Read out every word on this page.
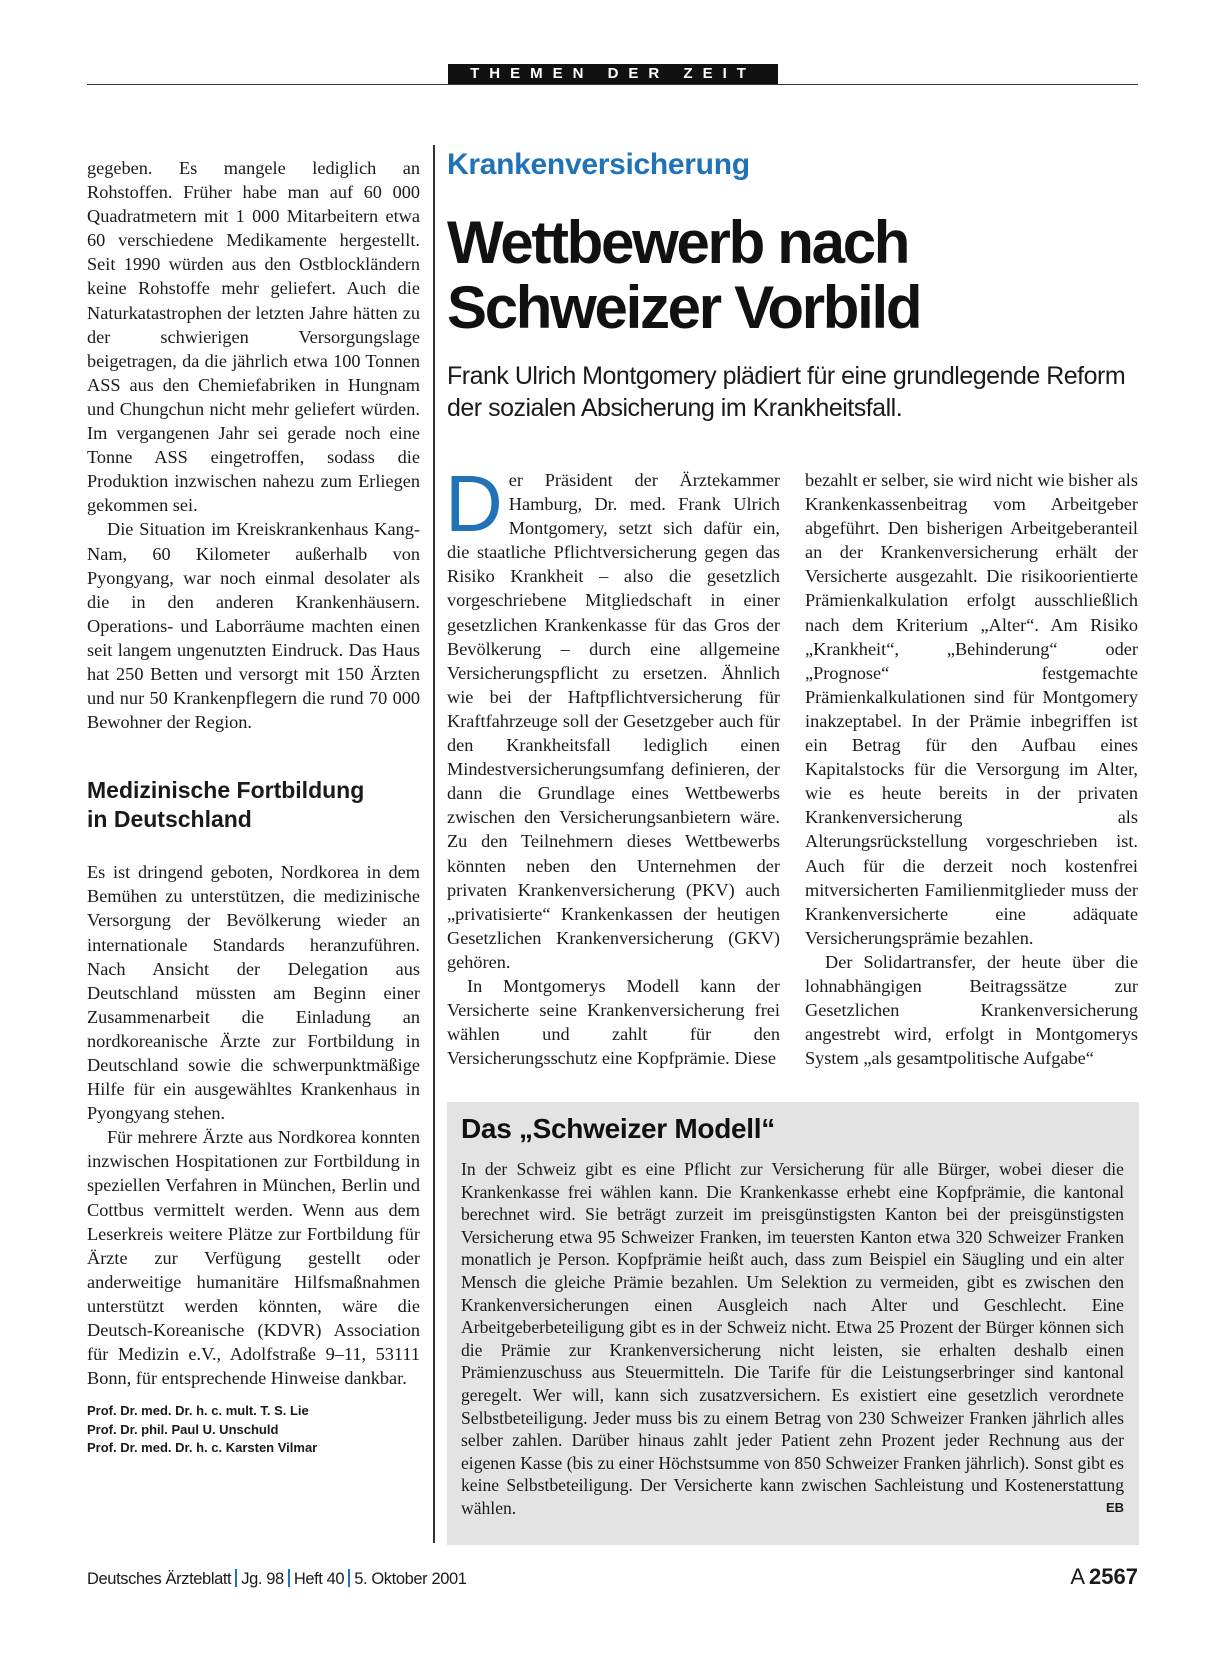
THEMEN DER ZEIT

gegeben. Es mangele lediglich an Rohstoffen. Früher habe man auf 60 000 Quadratmetern mit 1 000 Mitarbeitern etwa 60 verschiedene Medikamente hergestellt. Seit 1990 würden aus den Ostblockländern keine Rohstoffe mehr geliefert. Auch die Naturkatastrophen der letzten Jahre hätten zu der schwierigen Versorgungslage beigetragen, da die jährlich etwa 100 Tonnen ASS aus den Chemiefabriken in Hungnam und Chungchun nicht mehr geliefert würden. Im vergangenen Jahr sei gerade noch eine Tonne ASS eingetroffen, sodass die Produktion inzwischen nahezu zum Erliegen gekommen sei.

Die Situation im Kreiskrankenhaus Kang-Nam, 60 Kilometer außerhalb von Pyongyang, war noch einmal desolater als die in den anderen Krankenhäusern. Operations- und Laborräume machten einen seit langem ungenutzten Eindruck. Das Haus hat 250 Betten und versorgt mit 150 Ärzten und nur 50 Krankenpflegern die rund 70 000 Bewohner der Region.

Medizinische Fortbildung
in Deutschland

Es ist dringend geboten, Nordkorea in dem Bemühen zu unterstützen, die medizinische Versorgung der Bevölkerung wieder an internationale Standards heranzuführen. Nach Ansicht der Delegation aus Deutschland müssten am Beginn einer Zusammenarbeit die Einladung an nordkoreanische Ärzte zur Fortbildung in Deutschland sowie die schwerpunktmäßige Hilfe für ein ausgewähltes Krankenhaus in Pyongyang stehen.

Für mehrere Ärzte aus Nordkorea konnten inzwischen Hospitationen zur Fortbildung in speziellen Verfahren in München, Berlin und Cottbus vermittelt werden. Wenn aus dem Leserkreis weitere Plätze zur Fortbildung für Ärzte zur Verfügung gestellt oder anderweitige humanitäre Hilfsmaßnahmen unterstützt werden könnten, wäre die Deutsch-Koreanische (KDVR) Association für Medizin e.V., Adolfstraße 9–11, 53111 Bonn, für entsprechende Hinweise dankbar.

Prof. Dr. med. Dr. h. c. mult. T. S. Lie
Prof. Dr. phil. Paul U. Unschuld
Prof. Dr. med. Dr. h. c. Karsten Vilmar
Krankenversicherung
Wettbewerb nach
Schweizer Vorbild

Frank Ulrich Montgomery plädiert für eine grundlegende Reform der sozialen Absicherung im Krankheitsfall.

Der Präsident der Ärztekammer Hamburg, Dr. med. Frank Ulrich Montgomery, setzt sich dafür ein, die staatliche Pflichtversicherung gegen das Risiko Krankheit – also die gesetzlich vorgeschriebene Mitgliedschaft in einer gesetzlichen Krankenkasse für das Gros der Bevölkerung – durch eine allgemeine Versicherungspflicht zu ersetzen. Ähnlich wie bei der Haftpflichtversicherung für Kraftfahrzeuge soll der Gesetzgeber auch für den Krankheitsfall lediglich einen Mindestversicherungsumfang definieren, der dann die Grundlage eines Wettbewerbs zwischen den Versicherungsanbietern wäre. Zu den Teilnehmern dieses Wettbewerbs könnten neben den Unternehmen der privaten Krankenversicherung (PKV) auch „privatisierte“ Krankenkassen der heutigen Gesetzlichen Krankenversicherung (GKV) gehören.

In Montgomerys Modell kann der Versicherte seine Krankenversicherung frei wählen und zahlt für den Versicherungsschutz eine Kopfprämie. Diese

bezahlt er selber, sie wird nicht wie bisher als Krankenkassenbeitrag vom Arbeitgeber abgeführt. Den bisherigen Arbeitgeberanteil an der Krankenversicherung erhält der Versicherte ausgezahlt. Die risikoorientierte Prämienkalkulation erfolgt ausschließlich nach dem Kriterium „Alter“. Am Risiko „Krankheit“, „Behinderung“ oder „Prognose“ festgemachte Prämienkalkulationen sind für Montgomery inakzeptabel. In der Prämie inbegriffen ist ein Betrag für den Aufbau eines Kapitalstocks für die Versorgung im Alter, wie es heute bereits in der privaten Krankenversicherung als Alterungsrückstellung vorgeschrieben ist. Auch für die derzeit noch kostenfrei mitversicherten Familienmitglieder muss der Krankenversicherte eine adäquate Versicherungsprämie bezahlen.

Der Solidartransfer, der heute über die lohnabhängigen Beitragssätze zur Gesetzlichen Krankenversicherung angestrebt wird, erfolgt in Montgomerys System „als gesamtpolitische Aufgabe“

Das „Schweizer Modell“

In der Schweiz gibt es eine Pflicht zur Versicherung für alle Bürger, wobei dieser die Krankenkasse frei wählen kann. Die Krankenkasse erhebt eine Kopfprämie, die kantonal berechnet wird. Sie beträgt zurzeit im preisgünstigsten Kanton bei der preisgünstigsten Versicherung etwa 95 Schweizer Franken, im teuersten Kanton etwa 320 Schweizer Franken monatlich je Person. Kopfprämie heißt auch, dass zum Beispiel ein Säugling und ein alter Mensch die gleiche Prämie bezahlen. Um Selektion zu vermeiden, gibt es zwischen den Krankenversicherungen einen Ausgleich nach Alter und Geschlecht. Eine Arbeitgeberbeteiligung gibt es in der Schweiz nicht. Etwa 25 Prozent der Bürger können sich die Prämie zur Krankenversicherung nicht leisten, sie erhalten deshalb einen Prämienzuschuss aus Steuermitteln. Die Tarife für die Leistungserbringer sind kantonal geregelt. Wer will, kann sich zusatzversichern. Es existiert eine gesetzlich verordnete Selbstbeteiligung. Jeder muss bis zu einem Betrag von 230 Schweizer Franken jährlich alles selber zahlen. Darüber hinaus zahlt jeder Patient zehn Prozent jeder Rechnung aus der eigenen Kasse (bis zu einer Höchstsumme von 850 Schweizer Franken jährlich). Sonst gibt es keine Selbstbeteiligung. Der Versicherte kann zwischen Sachleistung und Kostenerstattung wählen.	EB
Deutsches Ärzteblatt Jg. 98 Heft 40 5. Oktober 2001	A 2567
